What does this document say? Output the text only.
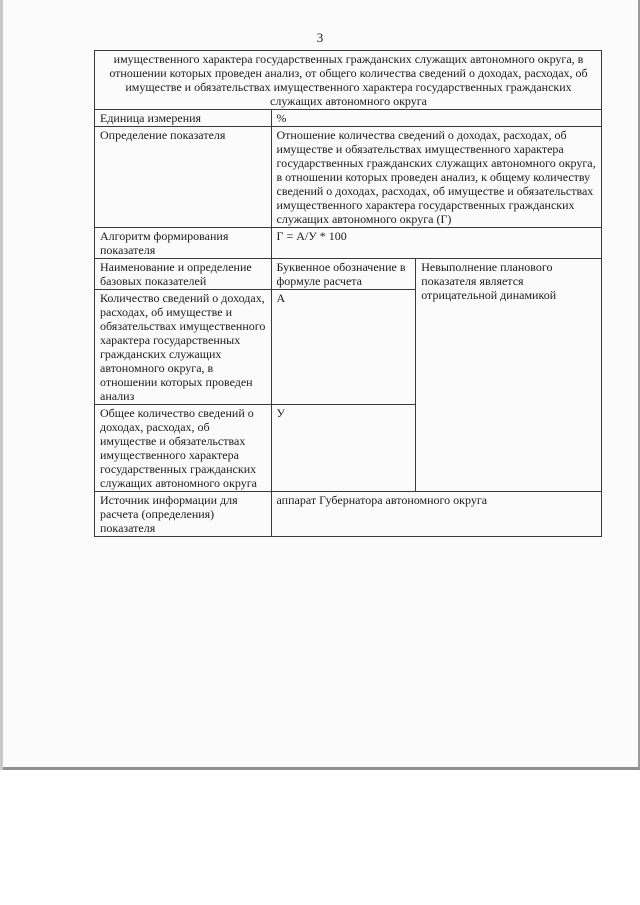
3
имущественного характера государственных гражданских служащих автономного округа, в отношении которых проведен анализ, от общего количества сведений о доходах, расходах, об имуществе и обязательствах имущественного характера государственных гражданских служащих автономного округа		
Единица измерения	%	
Определение показателя	Отношение количества сведений о доходах, расходах, об имуществе и обязательствах имущественного характера государственных гражданских служащих автономного округа, в отношении которых проведен анализ, к общему количеству сведений о доходах, расходах, об имуществе и обязательствах имущественного характера государственных гражданских служащих автономного округа (Г)	
Алгоритм формирования показателя	Г = А/У * 100	
Наименование и определение базовых показателей	Буквенное обозначение в формуле расчета	Невыполнение планового показателя является отрицательной динамикой
Количество сведений о доходах, расходах, об имуществе и обязательствах имущественного характера государственных гражданских служащих автономного округа, в отношении которых проведен анализ	А	
Общее количество сведений о доходах, расходах, об имуществе и обязательствах имущественного характера государственных гражданских служащих автономного округа	У	
Источник информации для расчета (определения) показателя	аппарат Губернатора автономного округа	
